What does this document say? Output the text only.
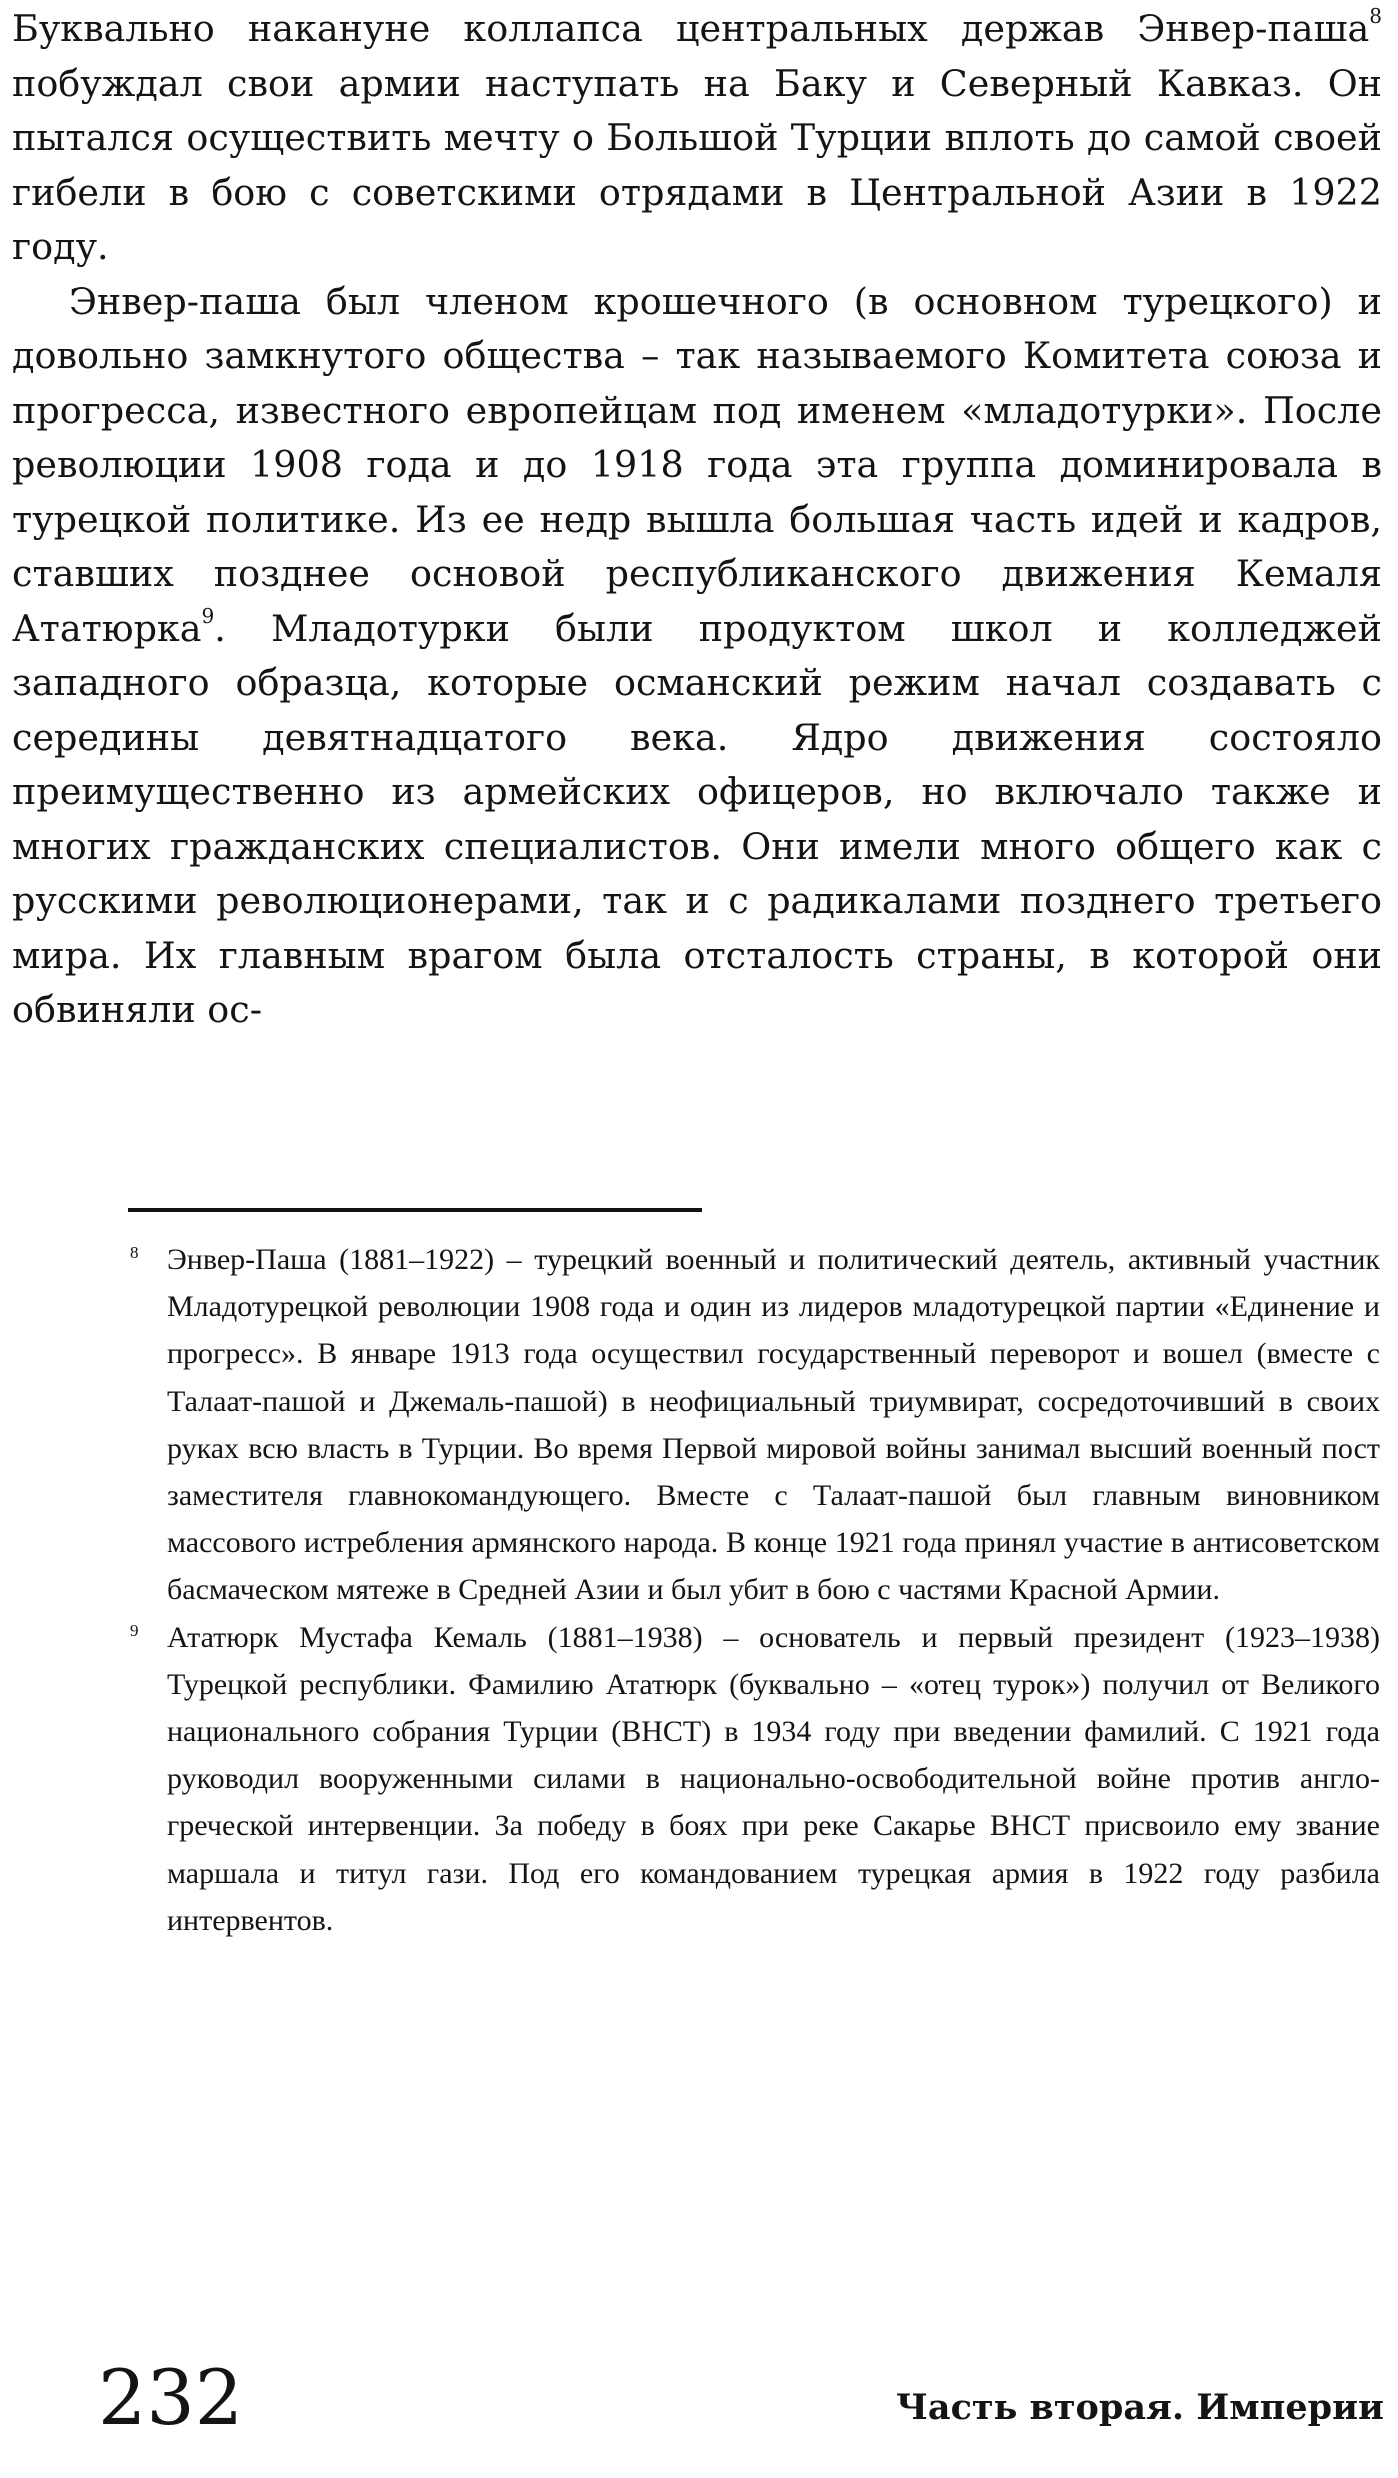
Буквально накануне коллапса центральных держав Энвер-паша$^8$ побуждал свои армии наступать на Баку и Северный Кавказ. Он пытался осуществить мечту о Большой Турции вплоть до самой своей гибели в бою с советскими отрядами в Центральной Азии в 1922 году.

Энвер-паша был членом крошечного (в основном турецкого) и довольно замкнутого общества – так называемого Комитета союза и прогресса, известного европейцам под именем «младотурки». После революции 1908 года и до 1918 года эта группа доминировала в турецкой политике. Из ее недр вышла большая часть идей и кадров, ставших позднее основой республиканского движения Кемаля Ататюрка$^9$. Младотурки были продуктом школ и колледжей западного образца, которые османский режим начал создавать с середины девятнадцатого века. Ядро движения состояло преимущественно из армейских офицеров, но включало также и многих гражданских специалистов. Они имели много общего как с русскими революционерами, так и с радикалами позднего третьего мира. Их главным врагом была отсталость страны, в которой они обвиняли ос-

8 Энвер-Паша (1881–1922) – турецкий военный и политический деятель, активный участник Младотурецкой революции 1908 года и один из лидеров младотурецкой партии «Единение и прогресс». В январе 1913 года осуществил государственный переворот и вошел (вместе с Талаат-пашой и Джемаль-пашой) в неофициальный триумвират, сосредоточивший в своих руках всю власть в Турции. Во время Первой мировой войны занимал высший военный пост заместителя главнокомандующего. Вместе с Талаат-пашой был главным виновником массового истребления армянского народа. В конце 1921 года принял участие в антисоветском басмаческом мятеже в Средней Азии и был убит в бою с частями Красной Армии.

9 Ататюрк Мустафа Кемаль (1881–1938) – основатель и первый президент (1923–1938) Турецкой республики. Фамилию Ататюрк (буквально – «отец турок») получил от Великого национального собрания Турции (ВНСТ) в 1934 году при введении фамилий. С 1921 года руководил вооруженными силами в национально-освободительной войне против англо-греческой интервенции. За победу в боях при реке Сакарье ВНСТ присвоило ему звание маршала и титул гази. Под его командованием турецкая армия в 1922 году разбила интервентов.

232	Часть вторая. Империи
